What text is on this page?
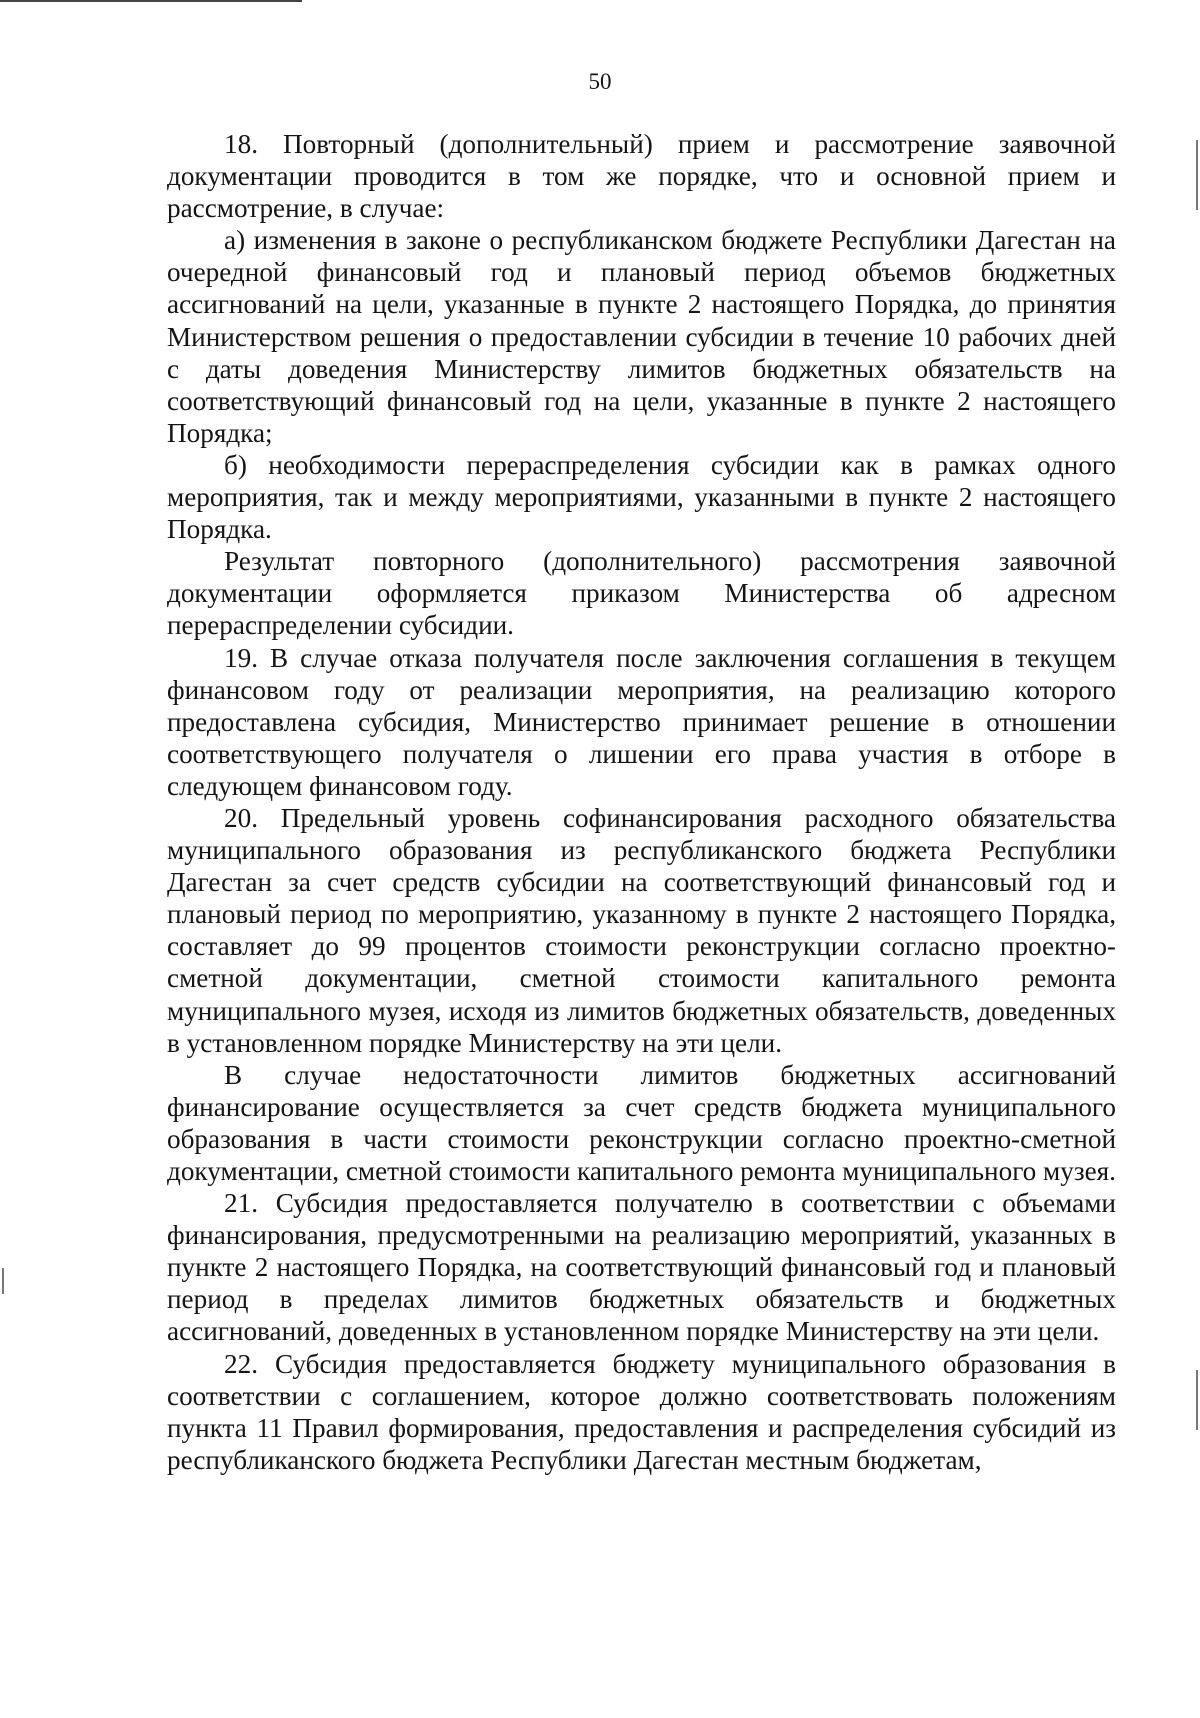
50

18. Повторный (дополнительный) прием и рассмотрение заявочной документации проводится в том же порядке, что и основной прием и рассмотрение, в случае:

а) изменения в законе о республиканском бюджете Республики Дагестан на очередной финансовый год и плановый период объемов бюджетных ассигнований на цели, указанные в пункте 2 настоящего Порядка, до принятия Министерством решения о предоставлении субсидии в течение 10 рабочих дней с даты доведения Министерству лимитов бюджетных обязательств на соответствующий финансовый год на цели, указанные в пункте 2 настоящего Порядка;

б) необходимости перераспределения субсидии как в рамках одного мероприятия, так и между мероприятиями, указанными в пункте 2 настоящего Порядка.

Результат повторного (дополнительного) рассмотрения заявочной документации оформляется приказом Министерства об адресном перераспределении субсидии.

19. В случае отказа получателя после заключения соглашения в текущем финансовом году от реализации мероприятия, на реализацию которого предоставлена субсидия, Министерство принимает решение в отношении соответствующего получателя о лишении его права участия в отборе в следующем финансовом году.

20. Предельный уровень софинансирования расходного обязательства муниципального образования из республиканского бюджета Республики Дагестан за счет средств субсидии на соответствующий финансовый год и плановый период по мероприятию, указанному в пункте 2 настоящего Порядка, составляет до 99 процентов стоимости реконструкции согласно проектно-сметной документации, сметной стоимости капитального ремонта муниципального музея, исходя из лимитов бюджетных обязательств, доведенных в установленном порядке Министерству на эти цели.

В случае недостаточности лимитов бюджетных ассигнований финансирование осуществляется за счет средств бюджета муниципального образования в части стоимости реконструкции согласно проектно-сметной документации, сметной стоимости капитального ремонта муниципального музея.

21. Субсидия предоставляется получателю в соответствии с объемами финансирования, предусмотренными на реализацию мероприятий, указанных в пункте 2 настоящего Порядка, на соответствующий финансовый год и плановый период в пределах лимитов бюджетных обязательств и бюджетных ассигнований, доведенных в установленном порядке Министерству на эти цели.

22. Субсидия предоставляется бюджету муниципального образования в соответствии с соглашением, которое должно соответствовать положениям пункта 11 Правил формирования, предоставления и распределения субсидий из республиканского бюджета Республики Дагестан местным бюджетам,
